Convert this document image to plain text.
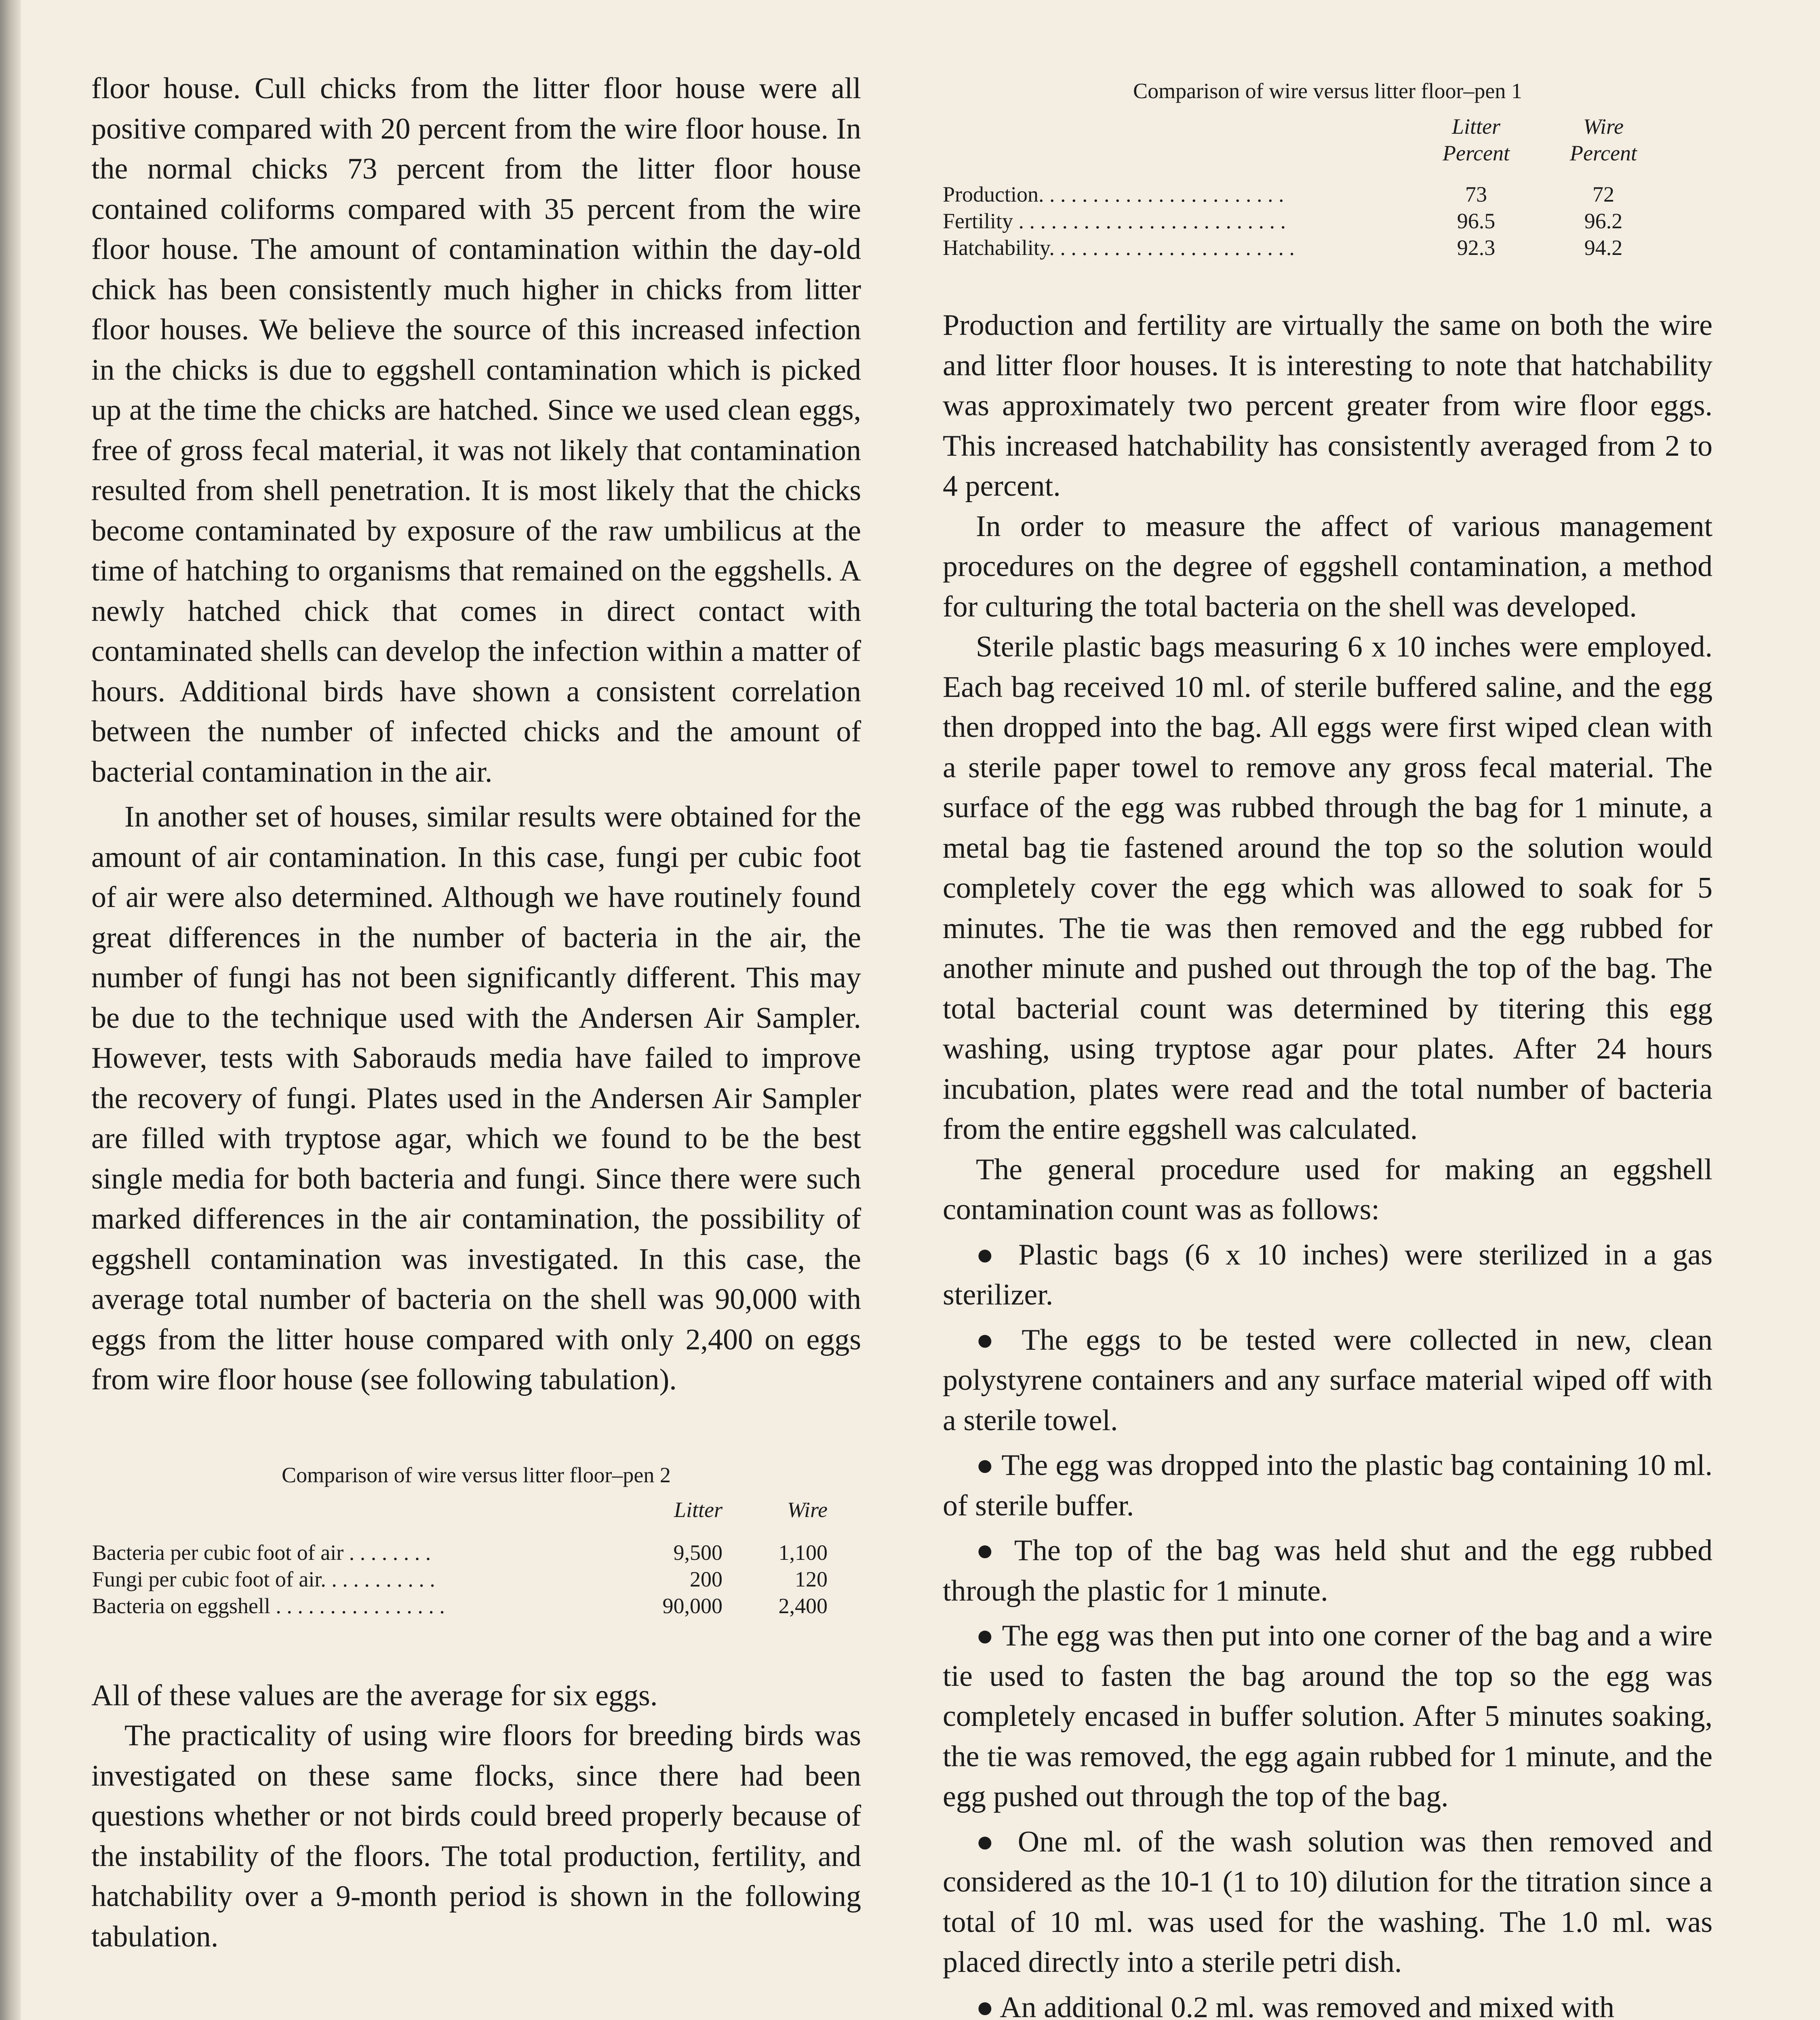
floor house. Cull chicks from the litter floor house were all positive compared with 20 percent from the wire floor house. In the normal chicks 73 percent from the litter floor house contained coliforms compared with 35 percent from the wire floor house. The amount of contamination within the day-old chick has been consistently much higher in chicks from litter floor houses. We believe the source of this increased infection in the chicks is due to eggshell contamination which is picked up at the time the chicks are hatched. Since we used clean eggs, free of gross fecal material, it was not likely that contamination resulted from shell penetration. It is most likely that the chicks become contaminated by exposure of the raw umbilicus at the time of hatching to organisms that remained on the eggshells. A newly hatched chick that comes in direct contact with contaminated shells can develop the infection within a matter of hours. Additional birds have shown a consistent correlation between the number of infected chicks and the amount of bacterial contamination in the air.

In another set of houses, similar results were obtained for the amount of air contamination. In this case, fungi per cubic foot of air were also determined. Although we have routinely found great differences in the number of bacteria in the air, the number of fungi has not been significantly different. This may be due to the technique used with the Andersen Air Sampler. However, tests with Saborauds media have failed to improve the recovery of fungi. Plates used in the Andersen Air Sampler are filled with tryptose agar, which we found to be the best single media for both bacteria and fungi. Since there were such marked differences in the air contamination, the possibility of eggshell contamination was investigated. In this case, the average total number of bacteria on the shell was 90,000 with eggs from the litter house compared with only 2,400 on eggs from wire floor house (see following tabulation).

Comparison of wire versus litter floor–pen 2

	Litter	Wire

Bacteria per cubic foot of air . . . . . . . .	9,500	1,100
Fungi per cubic foot of air. . . . . . . . . . .	200	120
Bacteria on eggshell . . . . . . . . . . . . . . . .	90,000	2,400

All of these values are the average for six eggs.

The practicality of using wire floors for breeding birds was investigated on these same flocks, since there had been questions whether or not birds could breed properly because of the instability of the floors. The total production, fertility, and hatchability over a 9-month period is shown in the following tabulation.

Comparison of wire versus litter floor–pen 1

	Litter	Wire
	Percent	Percent

Production. . . . . . . . . . . . . . . . . . . . . . .	73	72
Fertility . . . . . . . . . . . . . . . . . . . . . . . . .	96.5	96.2
Hatchability. . . . . . . . . . . . . . . . . . . . . . .	92.3	94.2

Production and fertility are virtually the same on both the wire and litter floor houses. It is interesting to note that hatchability was approximately two percent greater from wire floor eggs. This increased hatchability has consistently averaged from 2 to 4 percent.

In order to measure the affect of various management procedures on the degree of eggshell contamination, a method for culturing the total bacteria on the shell was developed.

Sterile plastic bags measuring 6 x 10 inches were employed. Each bag received 10 ml. of sterile buffered saline, and the egg then dropped into the bag. All eggs were first wiped clean with a sterile paper towel to remove any gross fecal material. The surface of the egg was rubbed through the bag for 1 minute, a metal bag tie fastened around the top so the solution would completely cover the egg which was allowed to soak for 5 minutes. The tie was then removed and the egg rubbed for another minute and pushed out through the top of the bag. The total bacterial count was determined by titering this egg washing, using tryptose agar pour plates. After 24 hours incubation, plates were read and the total number of bacteria from the entire eggshell was calculated.

The general procedure used for making an eggshell contamination count was as follows:

● Plastic bags (6 x 10 inches) were sterilized in a gas sterilizer.

● The eggs to be tested were collected in new, clean polystyrene containers and any surface material wiped off with a sterile towel.

● The egg was dropped into the plastic bag containing 10 ml. of sterile buffer.

● The top of the bag was held shut and the egg rubbed through the plastic for 1 minute.

● The egg was then put into one corner of the bag and a wire tie used to fasten the bag around the top so the egg was completely encased in buffer solution. After 5 minutes soaking, the tie was removed, the egg again rubbed for 1 minute, and the egg pushed out through the top of the bag.

● One ml. of the wash solution was then removed and considered as the 10-1 (1 to 10) dilution for the titration since a total of 10 ml. was used for the washing. The 1.0 ml. was placed directly into a sterile petri dish.

● An additional 0.2 ml. was removed and mixed with
